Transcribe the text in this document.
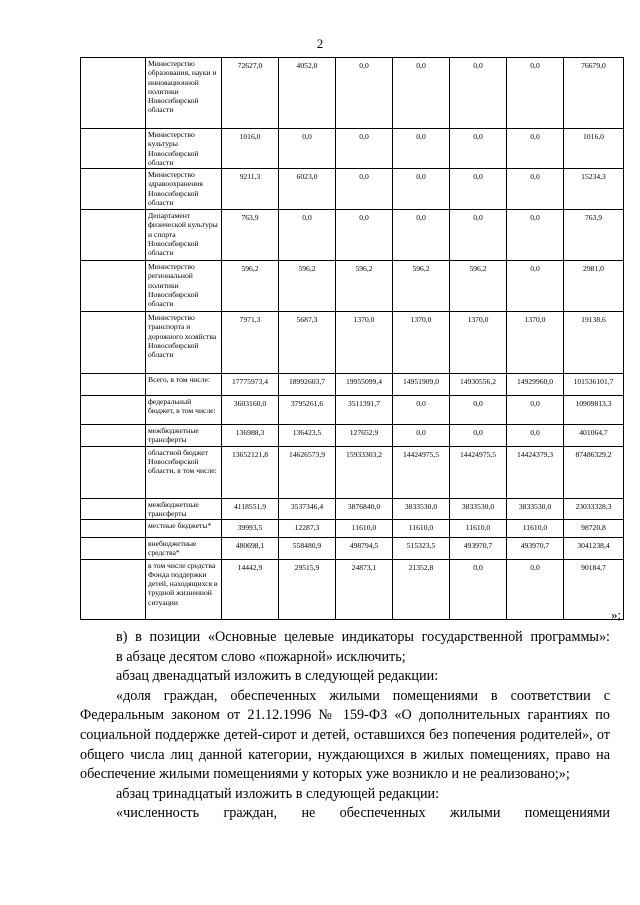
2
	Министерство образования, науки и инновационной политики Новосибирской области	72627,0	4052,0	0,0	0,0	0,0	0,0	76679,0
	Министерство культуры Новосибирской области	1016,0	0,0	0,0	0,0	0,0	0,0	1016,0
	Министерство здравоохранения Новосибирской области	9211,3	6023,0	0,0	0,0	0,0	0,0	15234,3
	Департамент физической культуры и спорта Новосибирской области	763,9	0,0	0,0	0,0	0,0	0,0	763,9
	Министерство региональной политики Новосибирской области	596,2	596,2	596,2	596,2	596,2	0,0	2981,0
	Министерство транспорта и дорожного хозяйства Новосибирской области	7971,3	5687,3	1370,0	1370,0	1370,0	1370,0	19138,6
	Всего, в том числе:	17775973,4	18992603,7	19955099,4	14951909,0	14930556,2	14929960,0	101536101,7
	федеральный бюджет, в том числе:	3603160,0	3795261,6	3511391,7	0,0	0,0	0,0	10909813,3
	межбюджетные трансферты	136988,3	136423,5	127652,9	0,0	0,0	0,0	401064,7
	областной бюджет Новосибирской области, в том числе:	13652121,8	14626573,9	15933303,2	14424975,5	14424975,5	14424379,3	87486329,2
	межбюджетные трансферты	4118551,9	3537346,4	3876840,0	3833530,0	3833530,0	3833530,0	23033328,3
	местные бюджеты*	39993,5	12287,3	11610,0	11610,0	11610,0	11610,0	98720,8
	внебюджетные средства*	480698,1	558480,9	498794,5	515323,5	493970,7	493970,7	3041238,4
	в том числе средства Фонда поддержки детей, находящихся в трудной жизненной ситуации	14442,9	29515,9	24873,1	21352,8	0,0	0,0	90184,7
»;

в) в позиции «Основные целевые индикаторы государственной программы»:

в абзаце десятом слово «пожарной» исключить;

абзац двенадцатый изложить в следующей редакции:

«доля граждан, обеспеченных жилыми помещениями в соответствии с Федеральным законом от 21.12.1996 № 159-ФЗ «О дополнительных гарантиях по социальной поддержке детей-сирот и детей, оставшихся без попечения родителей», от общего числа лиц данной категории, нуждающихся в жилых помещениях, право на обеспечение жилыми помещениями у которых уже возникло и не реализовано;»;

абзац тринадцатый изложить в следующей редакции:

«численность граждан, не обеспеченных жилыми помещениями
